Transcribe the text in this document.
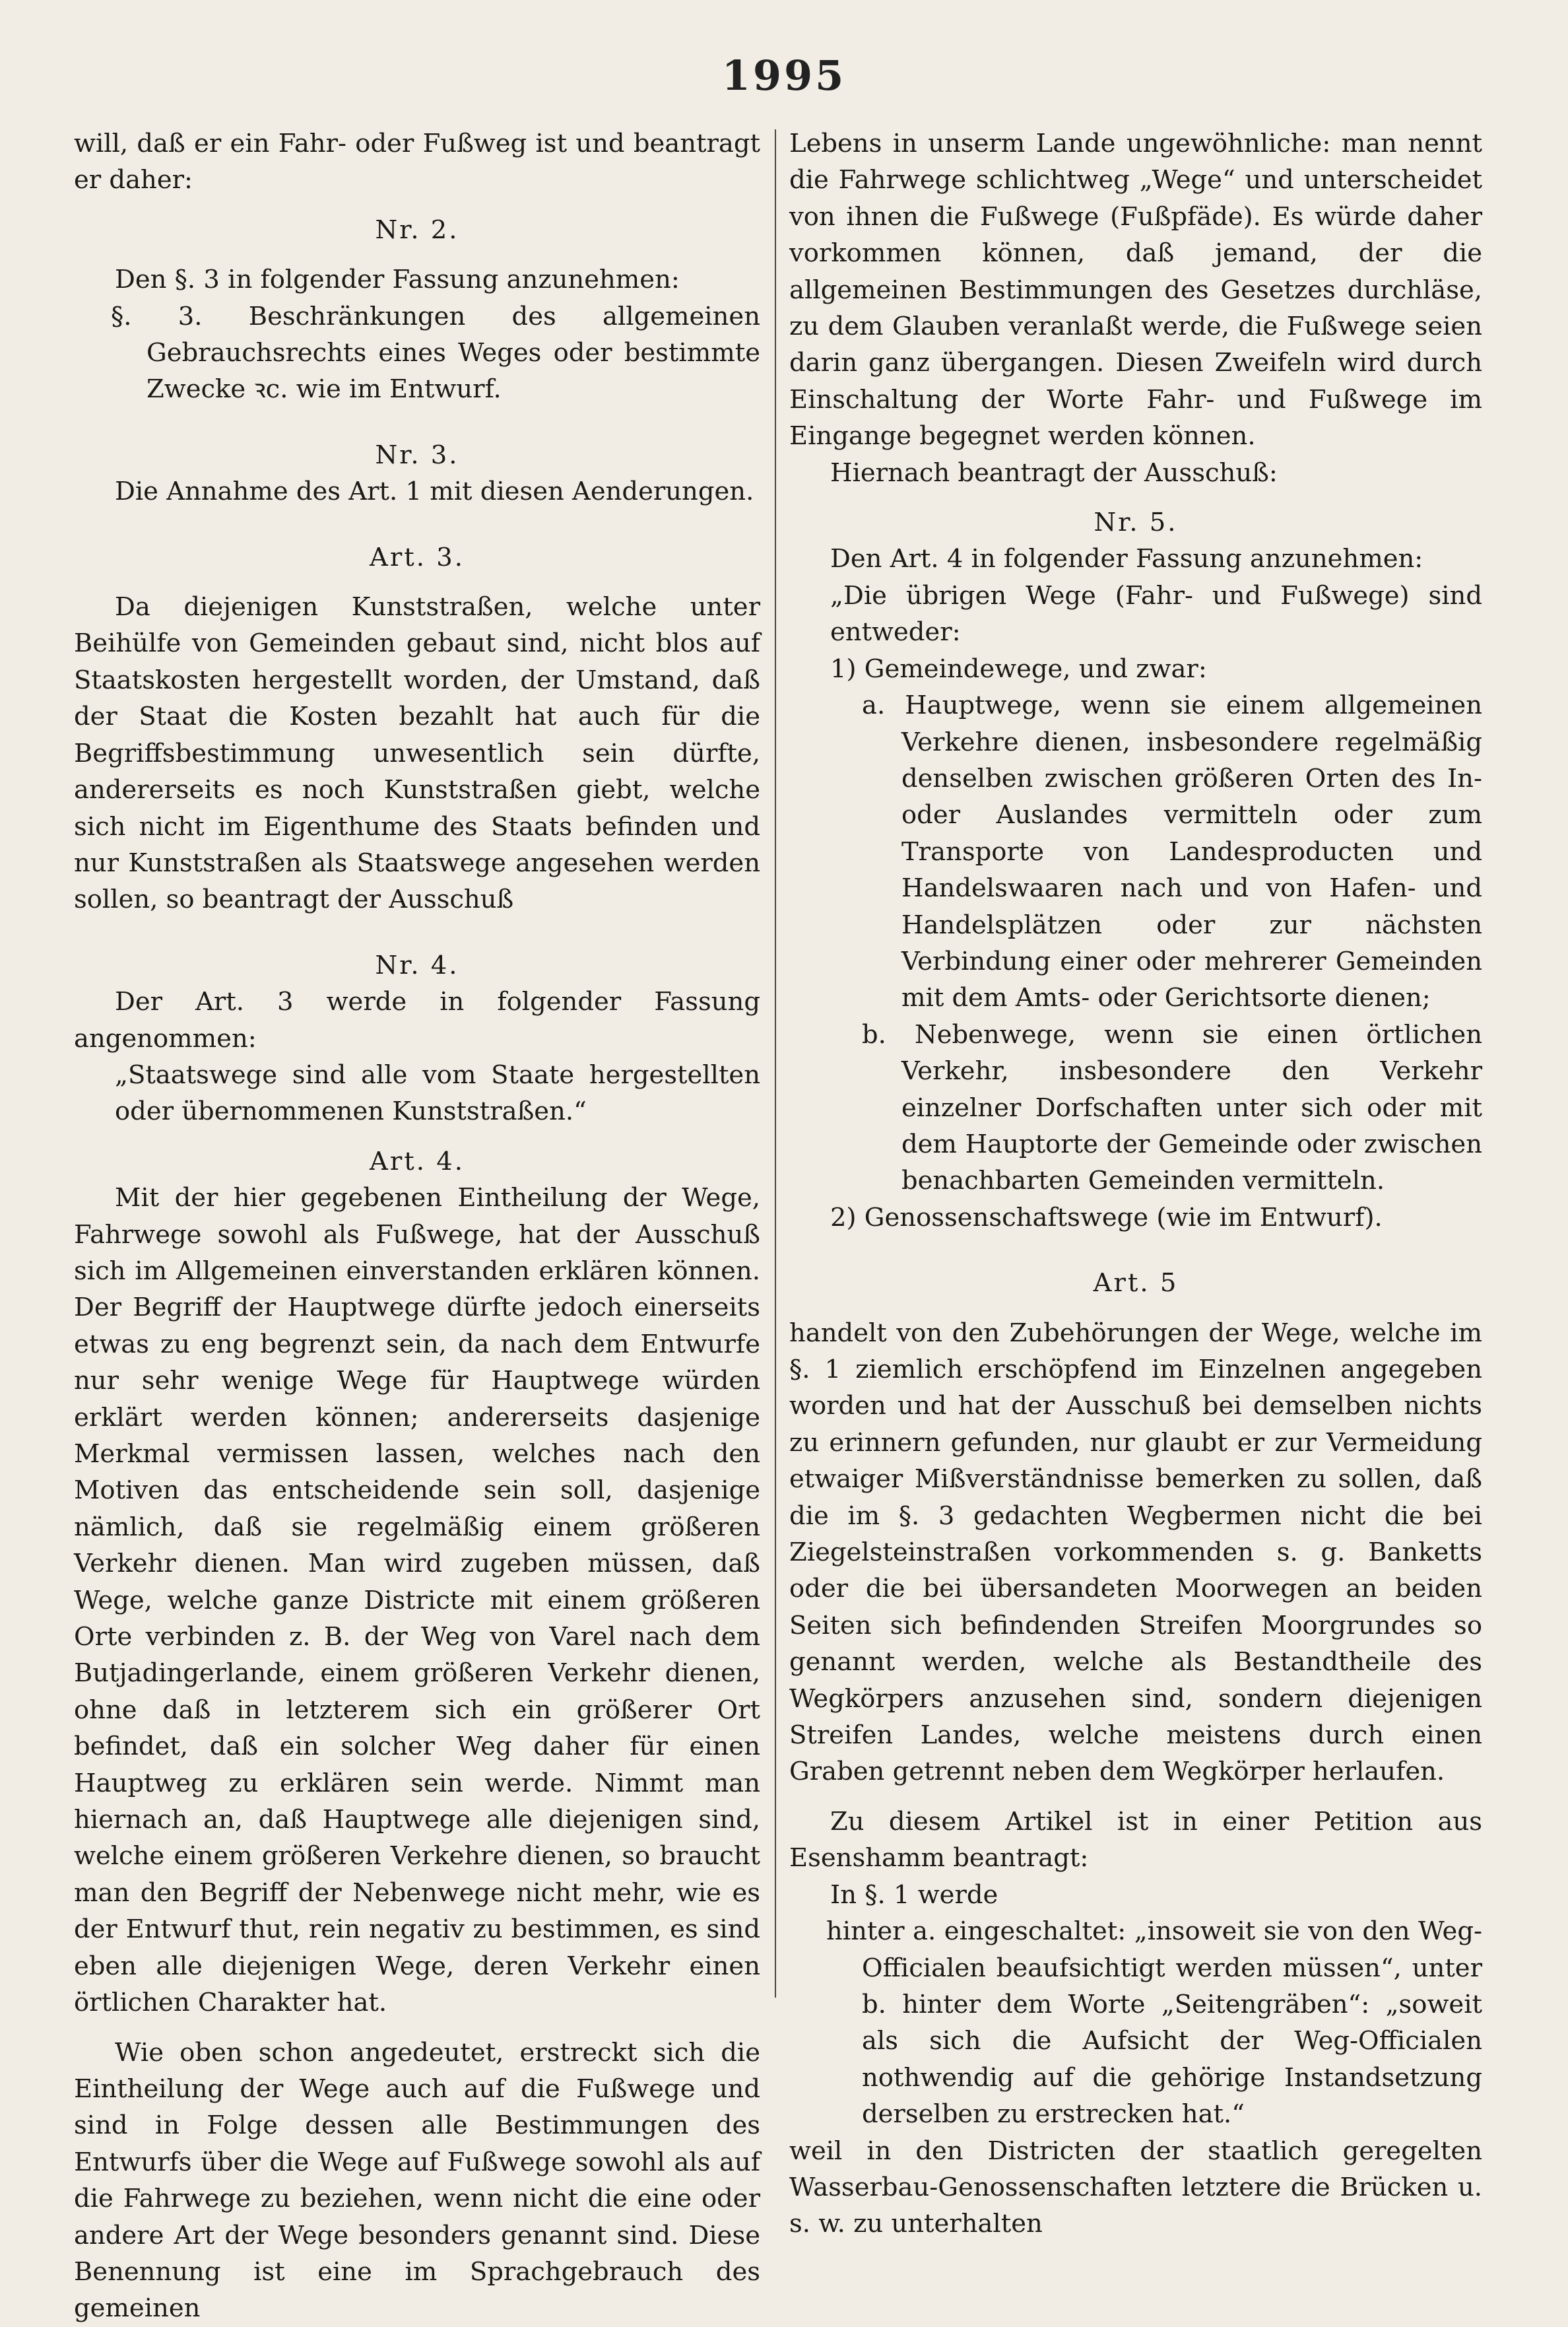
1995

will, daß er ein Fahr- oder Fußweg ist und beantragt er daher:

Nr. 2.

Den §. 3 in folgender Fassung anzunehmen:

§. 3. Beschränkungen des allgemeinen Gebrauchsrechts eines Weges oder bestimmte Zwecke ꝛc. wie im Entwurf.

Nr. 3.

Die Annahme des Art. 1 mit diesen Aenderungen.

Art. 3.

Da diejenigen Kunststraßen, welche unter Beihülfe von Gemeinden gebaut sind, nicht blos auf Staatskosten hergestellt worden, der Umstand, daß der Staat die Kosten bezahlt hat auch für die Begriffsbestimmung unwesentlich sein dürfte, andererseits es noch Kunststraßen giebt, welche sich nicht im Eigenthume des Staats befinden und nur Kunststraßen als Staatswege angesehen werden sollen, so beantragt der Ausschuß

Nr. 4.

Der Art. 3 werde in folgender Fassung angenommen:

„Staatswege sind alle vom Staate hergestellten oder übernommenen Kunststraßen.“

Art. 4.

Mit der hier gegebenen Eintheilung der Wege, Fahrwege sowohl als Fußwege, hat der Ausschuß sich im Allgemeinen einverstanden erklären können. Der Begriff der Hauptwege dürfte jedoch einerseits etwas zu eng begrenzt sein, da nach dem Entwurfe nur sehr wenige Wege für Hauptwege würden erklärt werden können; andererseits dasjenige Merkmal vermissen lassen, welches nach den Motiven das entscheidende sein soll, dasjenige nämlich, daß sie regelmäßig einem größeren Verkehr dienen. Man wird zugeben müssen, daß Wege, welche ganze Districte mit einem größeren Orte verbinden z. B. der Weg von Varel nach dem Butjadingerlande, einem größeren Verkehr dienen, ohne daß in letzterem sich ein größerer Ort befindet, daß ein solcher Weg daher für einen Hauptweg zu erklären sein werde. Nimmt man hiernach an, daß Hauptwege alle diejenigen sind, welche einem größeren Verkehre dienen, so braucht man den Begriff der Nebenwege nicht mehr, wie es der Entwurf thut, rein negativ zu bestimmen, es sind eben alle diejenigen Wege, deren Verkehr einen örtlichen Charakter hat.

Wie oben schon angedeutet, erstreckt sich die Eintheilung der Wege auch auf die Fußwege und sind in Folge dessen alle Bestimmungen des Entwurfs über die Wege auf Fußwege sowohl als auf die Fahrwege zu beziehen, wenn nicht die eine oder andere Art der Wege besonders genannt sind. Diese Benennung ist eine im Sprachgebrauch des gemeinen

Lebens in unserm Lande ungewöhnliche: man nennt die Fahrwege schlichtweg „Wege“ und unterscheidet von ihnen die Fußwege (Fußpfäde). Es würde daher vorkommen können, daß jemand, der die allgemeinen Bestimmungen des Gesetzes durchläse, zu dem Glauben veranlaßt werde, die Fußwege seien darin ganz übergangen. Diesen Zweifeln wird durch Einschaltung der Worte Fahr- und Fußwege im Eingange begegnet werden können.

Hiernach beantragt der Ausschuß:

Nr. 5.

Den Art. 4 in folgender Fassung anzunehmen:

„Die übrigen Wege (Fahr- und Fußwege) sind entweder:

1) Gemeindewege, und zwar:

a. Hauptwege, wenn sie einem allgemeinen Verkehre dienen, insbesondere regelmäßig denselben zwischen größeren Orten des In- oder Auslandes vermitteln oder zum Transporte von Landesproducten und Handelswaaren nach und von Hafen- und Handelsplätzen oder zur nächsten Verbindung einer oder mehrerer Gemeinden mit dem Amts- oder Gerichtsorte dienen;

b. Nebenwege, wenn sie einen örtlichen Verkehr, insbesondere den Verkehr einzelner Dorfschaften unter sich oder mit dem Hauptorte der Gemeinde oder zwischen benachbarten Gemeinden vermitteln.

2) Genossenschaftswege (wie im Entwurf).

Art. 5

handelt von den Zubehörungen der Wege, welche im §. 1 ziemlich erschöpfend im Einzelnen angegeben worden und hat der Ausschuß bei demselben nichts zu erinnern gefunden, nur glaubt er zur Vermeidung etwaiger Mißverständnisse bemerken zu sollen, daß die im §. 3 gedachten Wegbermen nicht die bei Ziegelsteinstraßen vorkommenden s. g. Banketts oder die bei übersandeten Moorwegen an beiden Seiten sich befindenden Streifen Moorgrundes so genannt werden, welche als Bestandtheile des Wegkörpers anzusehen sind, sondern diejenigen Streifen Landes, welche meistens durch einen Graben getrennt neben dem Wegkörper herlaufen.

Zu diesem Artikel ist in einer Petition aus Esenshamm beantragt:

In §. 1 werde

hinter a. eingeschaltet: „insoweit sie von den Weg-Officialen beaufsichtigt werden müssen“, unter b. hinter dem Worte „Seitengräben“: „soweit als sich die Aufsicht der Weg-Officialen nothwendig auf die gehörige Instandsetzung derselben zu erstrecken hat.“

weil in den Districten der staatlich geregelten Wasserbau-Genossenschaften letztere die Brücken u. s. w. zu unterhalten
